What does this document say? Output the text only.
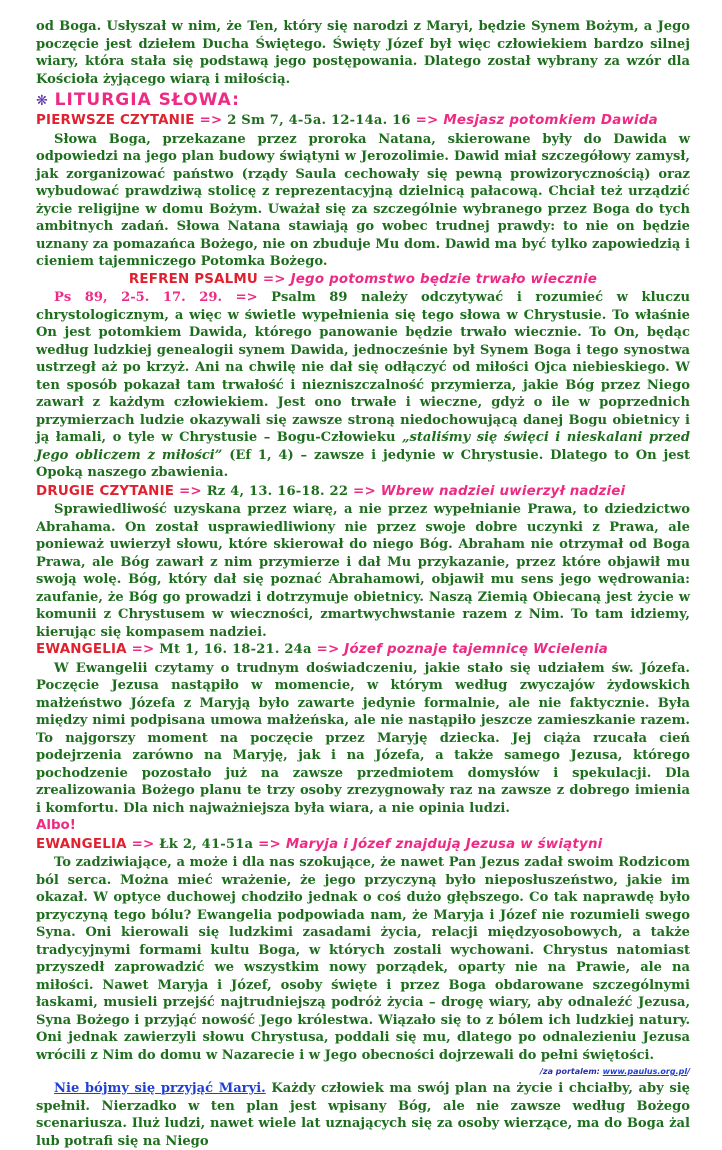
od Boga. Usłyszał w nim, że Ten, który się narodzi z Maryi, będzie Synem Bożym, a Jego poczęcie jest dziełem Ducha Świętego. Święty Józef był więc człowiekiem bardzo silnej wiary, która stała się podstawą jego postępowania. Dlatego został wybrany za wzór dla Kościoła żyjącego wiarą i miłością.

❋ LITURGIA SŁOWA:

PIERWSZE CZYTANIE => 2 Sm 7, 4-5a. 12-14a. 16 => Mesjasz potomkiem Dawida

Słowa Boga, przekazane przez proroka Natana, skierowane były do Dawida w odpowiedzi na jego plan budowy świątyni w Jerozolimie. Dawid miał szczegółowy zamysł, jak zorganizować państwo (rządy Saula cechowały się pewną prowizorycznością) oraz wybudować prawdziwą stolicę z reprezentacyjną dzielnicą pałacową. Chciał też urządzić życie religijne w domu Bożym. Uważał się za szczególnie wybranego przez Boga do tych ambitnych zadań. Słowa Natana stawiają go wobec trudnej prawdy: to nie on będzie uznany za pomazańca Bożego, nie on zbuduje Mu dom. Dawid ma być tylko zapowiedzią i cieniem tajemniczego Potomka Bożego.

REFREN PSALMU => Jego potomstwo będzie trwało wiecznie

Ps 89, 2-5. 17. 29. => Psalm 89 należy odczytywać i rozumieć w kluczu chrystologicznym, a więc w świetle wypełnienia się tego słowa w Chrystusie. To właśnie On jest potomkiem Dawida, którego panowanie będzie trwało wiecznie. To On, będąc według ludzkiej genealogii synem Dawida, jednocześnie był Synem Boga i tego synostwa ustrzegł aż po krzyż. Ani na chwilę nie dał się odłączyć od miłości Ojca niebieskiego. W ten sposób pokazał tam trwałość i niezniszczalność przymierza, jakie Bóg przez Niego zawarł z każdym człowiekiem. Jest ono trwałe i wieczne, gdyż o ile w poprzednich przymierzach ludzie okazywali się zawsze stroną niedochowującą danej Bogu obietnicy i ją łamali, o tyle w Chrystusie – Bogu-Człowieku „staliśmy się święci i nieskalani przed Jego obliczem z miłości” (Ef 1, 4) – zawsze i jedynie w Chrystusie. Dlatego to On jest Opoką naszego zbawienia.

DRUGIE CZYTANIE => Rz 4, 13. 16-18. 22 => Wbrew nadziei uwierzył nadziei

Sprawiedliwość uzyskana przez wiarę, a nie przez wypełnianie Prawa, to dziedzictwo Abrahama. On został usprawiedliwiony nie przez swoje dobre uczynki z Prawa, ale ponieważ uwierzył słowu, które skierował do niego Bóg. Abraham nie otrzymał od Boga Prawa, ale Bóg zawarł z nim przymierze i dał Mu przykazanie, przez które objawił mu swoją wolę. Bóg, który dał się poznać Abrahamowi, objawił mu sens jego wędrowania: zaufanie, że Bóg go prowadzi i dotrzymuje obietnicy. Naszą Ziemią Obiecaną jest życie w komunii z Chrystusem w wieczności, zmartwychwstanie razem z Nim. To tam idziemy, kierując się kompasem nadziei.

EWANGELIA => Mt 1, 16. 18-21. 24a => Józef poznaje tajemnicę Wcielenia

W Ewangelii czytamy o trudnym doświadczeniu, jakie stało się udziałem św. Józefa. Poczęcie Jezusa nastąpiło w momencie, w którym według zwyczajów żydowskich małżeństwo Józefa z Maryją było zawarte jedynie formalnie, ale nie faktycznie. Była między nimi podpisana umowa małżeńska, ale nie nastąpiło jeszcze zamieszkanie razem. To najgorszy moment na poczęcie przez Maryję dziecka. Jej ciąża rzucała cień podejrzenia zarówno na Maryję, jak i na Józefa, a także samego Jezusa, którego pochodzenie pozostało już na zawsze przedmiotem domysłów i spekulacji. Dla zrealizowania Bożego planu te trzy osoby zrezygnowały raz na zawsze z dobrego imienia i komfortu. Dla nich najważniejsza była wiara, a nie opinia ludzi.

Albo!

EWANGELIA => Łk 2, 41-51a => Maryja i Józef znajdują Jezusa w świątyni

To zadziwiające, a może i dla nas szokujące, że nawet Pan Jezus zadał swoim Rodzicom ból serca. Można mieć wrażenie, że jego przyczyną było nieposłuszeństwo, jakie im okazał. W optyce duchowej chodziło jednak o coś dużo głębszego. Co tak naprawdę było przyczyną tego bólu? Ewangelia podpowiada nam, że Maryja i Józef nie rozumieli swego Syna. Oni kierowali się ludzkimi zasadami życia, relacji międzyosobowych, a także tradycyjnymi formami kultu Boga, w których zostali wychowani. Chrystus natomiast przyszedł zaprowadzić we wszystkim nowy porządek, oparty nie na Prawie, ale na miłości. Nawet Maryja i Józef, osoby święte i przez Boga obdarowane szczególnymi łaskami, musieli przejść najtrudniejszą podróż życia – drogę wiary, aby odnaleźć Jezusa, Syna Bożego i przyjąć nowość Jego królestwa. Wiązało się to z bólem ich ludzkiej natury. Oni jednak zawierzyli słowu Chrystusa, poddali się mu, dlatego po odnalezieniu Jezusa wrócili z Nim do domu w Nazarecie i w Jego obecności dojrzewali do pełni świętości.

/za portalem: www.paulus.org.pl/

Nie bójmy się przyjąć Maryi. Każdy człowiek ma swój plan na życie i chciałby, aby się spełnił. Nierzadko w ten plan jest wpisany Bóg, ale nie zawsze według Bożego scenariusza. Iluż ludzi, nawet wiele lat uznających się za osoby wierzące, ma do Boga żal lub potrafi się na Niego
